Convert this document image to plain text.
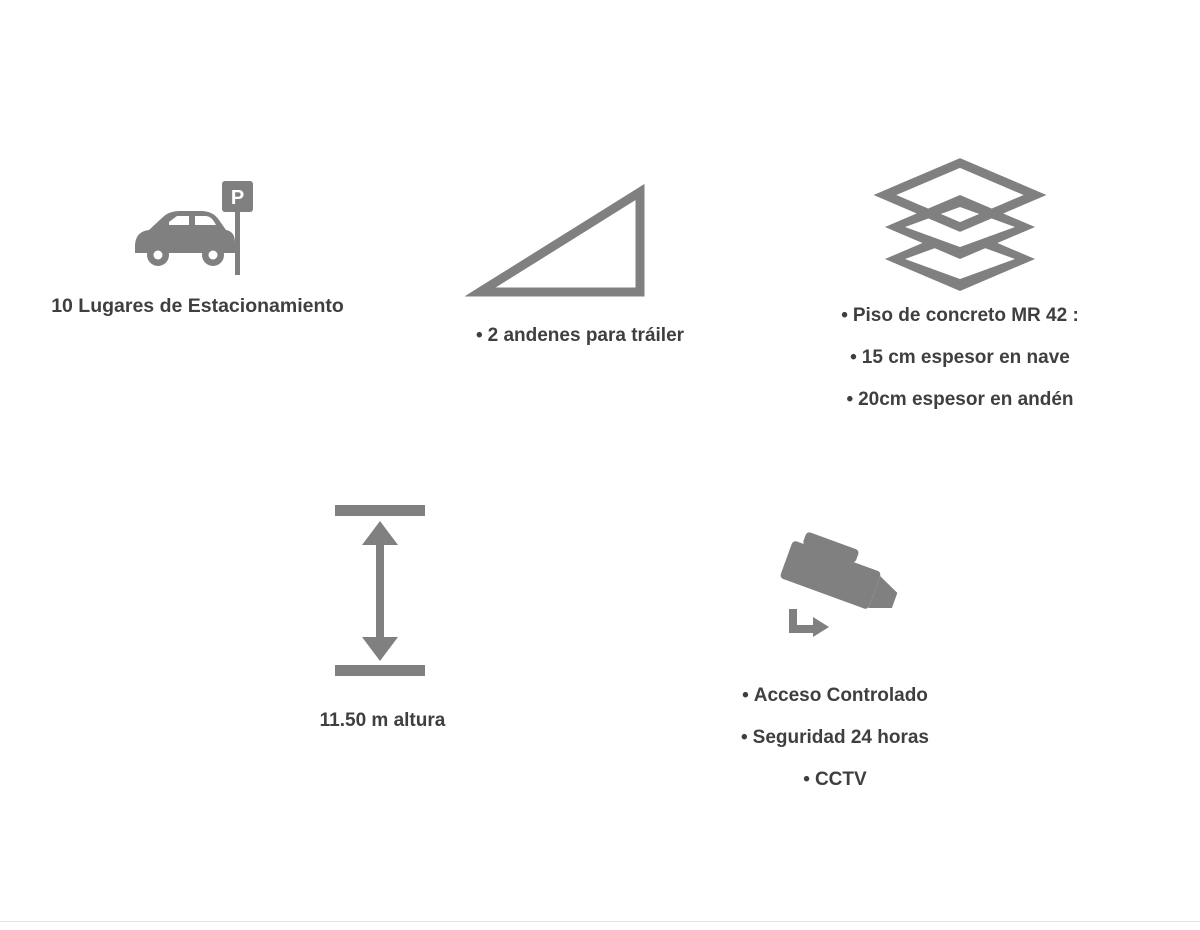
P
10 Lugares de Estacionamiento
• 2 andenes para tráiler
• Piso de concreto MR 42 :
• 15 cm espesor en nave
• 20cm espesor en andén
11.50 m altura
• Acceso Controlado
• Seguridad 24 horas
• CCTV
